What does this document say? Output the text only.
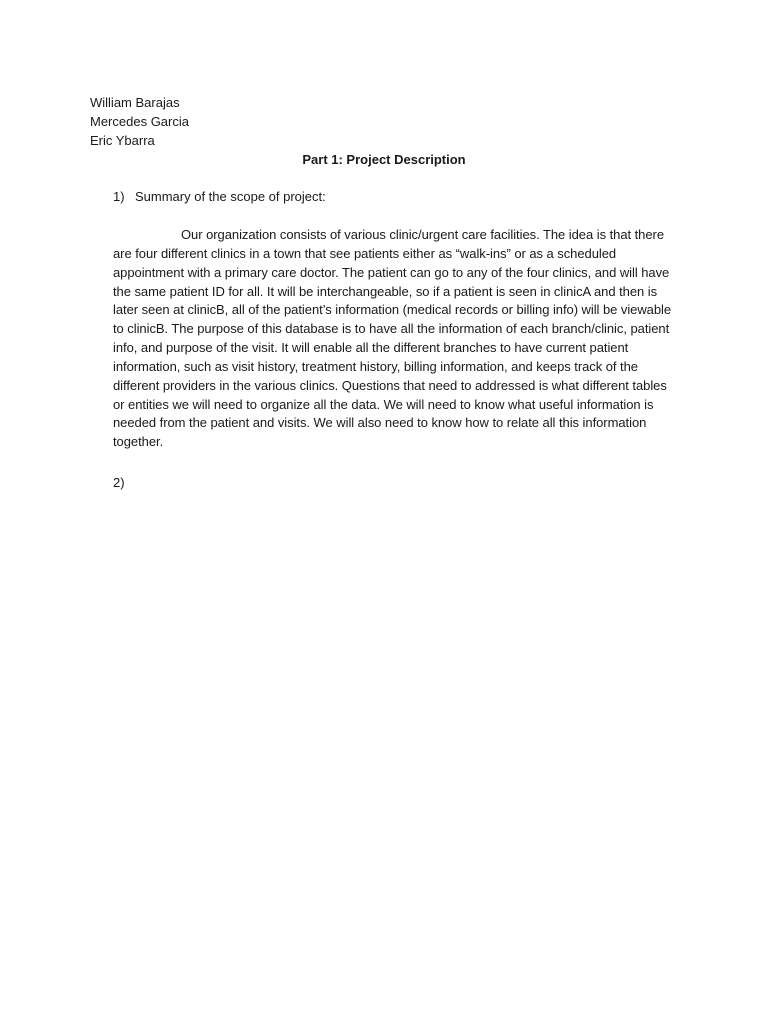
William Barajas
Mercedes Garcia
Eric Ybarra
Part 1: Project Description
1) Summary of the scope of project:
Our organization consists of various clinic/urgent care facilities. The idea is that there are four different clinics in a town that see patients either as “walk-ins” or as a scheduled appointment with a primary care doctor. The patient can go to any of the four clinics, and will have the same patient ID for all. It will be interchangeable, so if a patient is seen in clinicA and then is later seen at clinicB, all of the patient’s information (medical records or billing info) will be viewable to clinicB. The purpose of this database is to have all the information of each branch/clinic, patient info, and purpose of the visit. It will enable all the different branches to have current patient information, such as visit history, treatment history, billing information, and keeps track of the different providers in the various clinics. Questions that need to addressed is what different tables or entities we will need to organize all the data. We will need to know what useful information is needed from the patient and visits. We will also need to know how to relate all this information together.
2)
